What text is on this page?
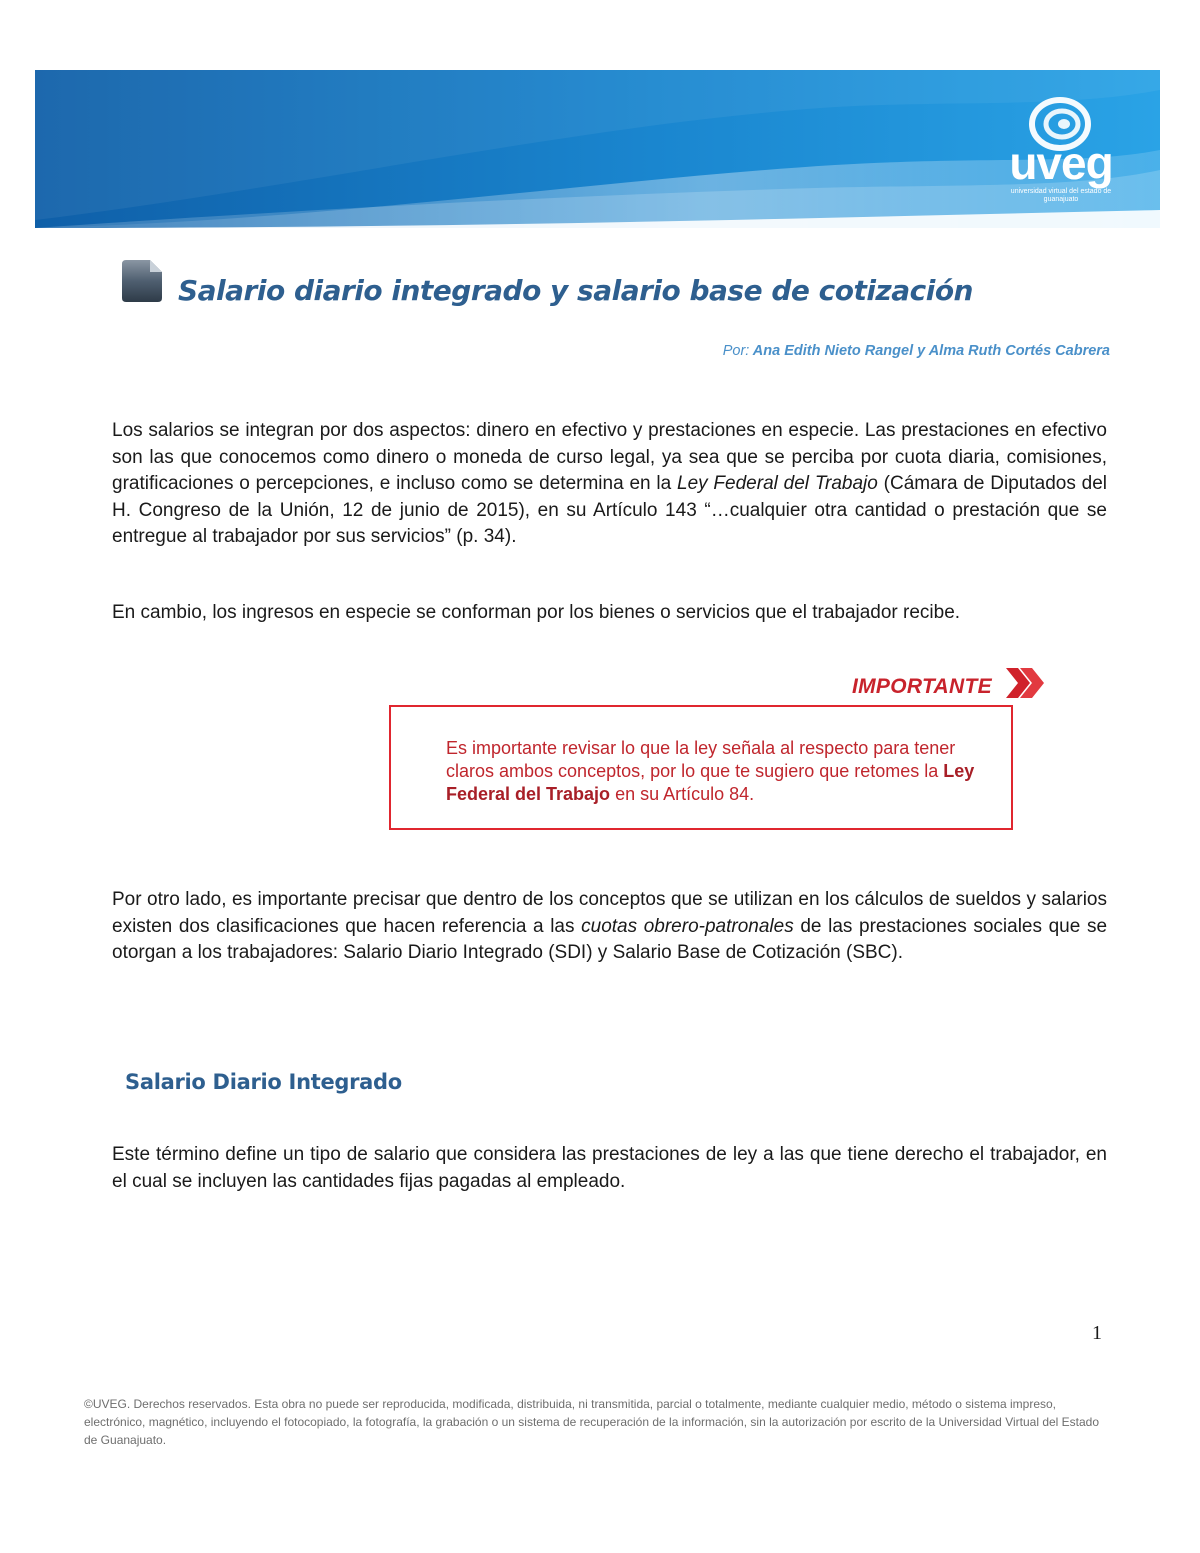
uveg
universidad virtual del estado de guanajuato
Salario diario integrado y salario base de cotización

Por: Ana Edith Nieto Rangel y Alma Ruth Cortés Cabrera

Los salarios se integran por dos aspectos: dinero en efectivo y prestaciones en especie. Las prestaciones en efectivo son las que conocemos como dinero o moneda de curso legal, ya sea que se perciba por cuota diaria, comisiones, gratificaciones o percepciones, e incluso como se determina en la Ley Federal del Trabajo (Cámara de Diputados del H. Congreso de la Unión, 12 de junio de 2015), en su Artículo 143 “…cualquier otra cantidad o prestación que se entregue al trabajador por sus servicios” (p. 34).

En cambio, los ingresos en especie se conforman por los bienes o servicios que el trabajador recibe.

IMPORTANTE

Es importante revisar lo que la ley señala al respecto para tener claros ambos conceptos, por lo que te sugiero que retomes la Ley Federal del Trabajo en su Artículo 84.

Por otro lado, es importante precisar que dentro de los conceptos que se utilizan en los cálculos de sueldos y salarios existen dos clasificaciones que hacen referencia a las cuotas obrero-patronales de las prestaciones sociales que se otorgan a los trabajadores: Salario Diario Integrado (SDI) y Salario Base de Cotización (SBC).

Salario Diario Integrado

Este término define un tipo de salario que considera las prestaciones de ley a las que tiene derecho el trabajador, en el cual se incluyen las cantidades fijas pagadas al empleado.

1

©UVEG. Derechos reservados. Esta obra no puede ser reproducida, modificada, distribuida, ni transmitida, parcial o totalmente, mediante cualquier medio, método o sistema impreso, electrónico, magnético, incluyendo el fotocopiado, la fotografía, la grabación o un sistema de recuperación de la información, sin la autorización por escrito de la Universidad Virtual del Estado de Guanajuato.
